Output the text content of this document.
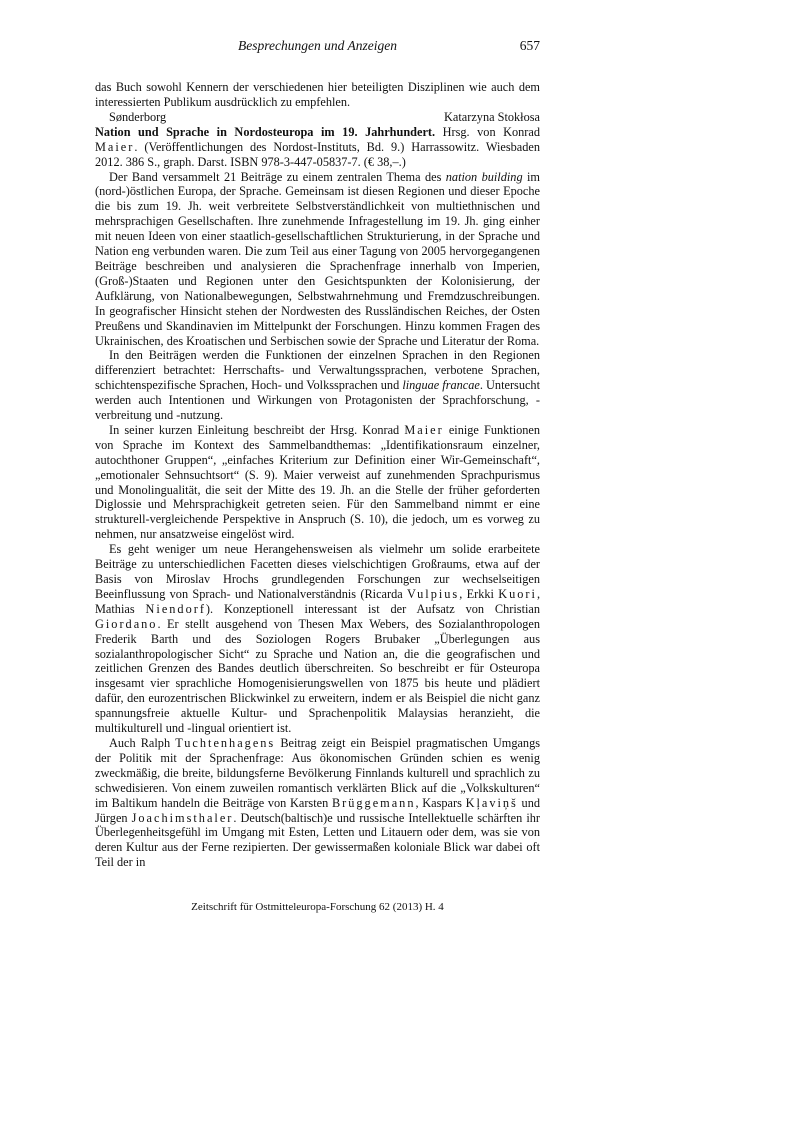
Besprechungen und Anzeigen	657

das Buch sowohl Kennern der verschiedenen hier beteiligten Disziplinen wie auch dem interessierten Publikum ausdrücklich zu empfehlen.

Sønderborg	Katarzyna Stokłosa

Nation und Sprache in Nordosteuropa im 19. Jahrhundert. Hrsg. von Konrad Maier. (Veröffentlichungen des Nordost-Instituts, Bd. 9.) Harrassowitz. Wiesbaden 2012. 386 S., graph. Darst. ISBN 978-3-447-05837-7. (€ 38,–.)

Der Band versammelt 21 Beiträge zu einem zentralen Thema des nation building im (nord-)östlichen Europa, der Sprache. Gemeinsam ist diesen Regionen und dieser Epoche die bis zum 19. Jh. weit verbreitete Selbstverständlichkeit von multiethnischen und mehrsprachigen Gesellschaften. Ihre zunehmende Infragestellung im 19. Jh. ging einher mit neuen Ideen von einer staatlich-gesellschaftlichen Strukturierung, in der Sprache und Nation eng verbunden waren. Die zum Teil aus einer Tagung von 2005 hervorgegangenen Beiträge beschreiben und analysieren die Sprachenfrage innerhalb von Imperien, (Groß-)Staaten und Regionen unter den Gesichtspunkten der Kolonisierung, der Aufklärung, von Nationalbewegungen, Selbstwahrnehmung und Fremdzuschreibungen. In geografischer Hinsicht stehen der Nordwesten des Russländischen Reiches, der Osten Preußens und Skandinavien im Mittelpunkt der Forschungen. Hinzu kommen Fragen des Ukrainischen, des Kroatischen und Serbischen sowie der Sprache und Literatur der Roma.

In den Beiträgen werden die Funktionen der einzelnen Sprachen in den Regionen differenziert betrachtet: Herrschafts- und Verwaltungssprachen, verbotene Sprachen, schichtenspezifische Sprachen, Hoch- und Volkssprachen und linguae francae. Untersucht werden auch Intentionen und Wirkungen von Protagonisten der Sprachforschung, -verbreitung und -nutzung.

In seiner kurzen Einleitung beschreibt der Hrsg. Konrad Maier einige Funktionen von Sprache im Kontext des Sammelbandthemas: „Identifikationsraum einzelner, autochthoner Gruppen“, „einfaches Kriterium zur Definition einer Wir-Gemeinschaft“, „emotionaler Sehnsuchtsort“ (S. 9). Maier verweist auf zunehmenden Sprachpurismus und Monolingualität, die seit der Mitte des 19. Jh. an die Stelle der früher geforderten Diglossie und Mehrsprachigkeit getreten seien. Für den Sammelband nimmt er eine strukturell-vergleichende Perspektive in Anspruch (S. 10), die jedoch, um es vorweg zu nehmen, nur ansatzweise eingelöst wird.

Es geht weniger um neue Herangehensweisen als vielmehr um solide erarbeitete Beiträge zu unterschiedlichen Facetten dieses vielschichtigen Großraums, etwa auf der Basis von Miroslav Hrochs grundlegenden Forschungen zur wechselseitigen Beeinflussung von Sprach- und Nationalverständnis (Ricarda Vulpius, Erkki Kuori, Mathias Niendorf). Konzeptionell interessant ist der Aufsatz von Christian Giordano. Er stellt ausgehend von Thesen Max Webers, des Sozialanthropologen Frederik Barth und des Soziologen Rogers Brubaker „Überlegungen aus sozialanthropologischer Sicht“ zu Sprache und Nation an, die die geografischen und zeitlichen Grenzen des Bandes deutlich überschreiten. So beschreibt er für Osteuropa insgesamt vier sprachliche Homogenisierungswellen von 1875 bis heute und plädiert dafür, den eurozentrischen Blickwinkel zu erweitern, indem er als Beispiel die nicht ganz spannungsfreie aktuelle Kultur- und Sprachenpolitik Malaysias heranzieht, die multikulturell und -lingual orientiert ist.

Auch Ralph Tuchtenhagens Beitrag zeigt ein Beispiel pragmatischen Umgangs der Politik mit der Sprachenfrage: Aus ökonomischen Gründen schien es wenig zweckmäßig, die breite, bildungsferne Bevölkerung Finnlands kulturell und sprachlich zu schwedisieren. Von einem zuweilen romantisch verklärten Blick auf die „Volkskulturen“ im Baltikum handeln die Beiträge von Karsten Brüggemann, Kaspars Kļaviņš und Jürgen Joachimsthaler. Deutsch(baltisch)e und russische Intellektuelle schärften ihr Überlegenheitsgefühl im Umgang mit Esten, Letten und Litauern oder dem, was sie von deren Kultur aus der Ferne rezipierten. Der gewissermaßen koloniale Blick war dabei oft Teil der in

Zeitschrift für Ostmitteleuropa-Forschung 62 (2013) H. 4
